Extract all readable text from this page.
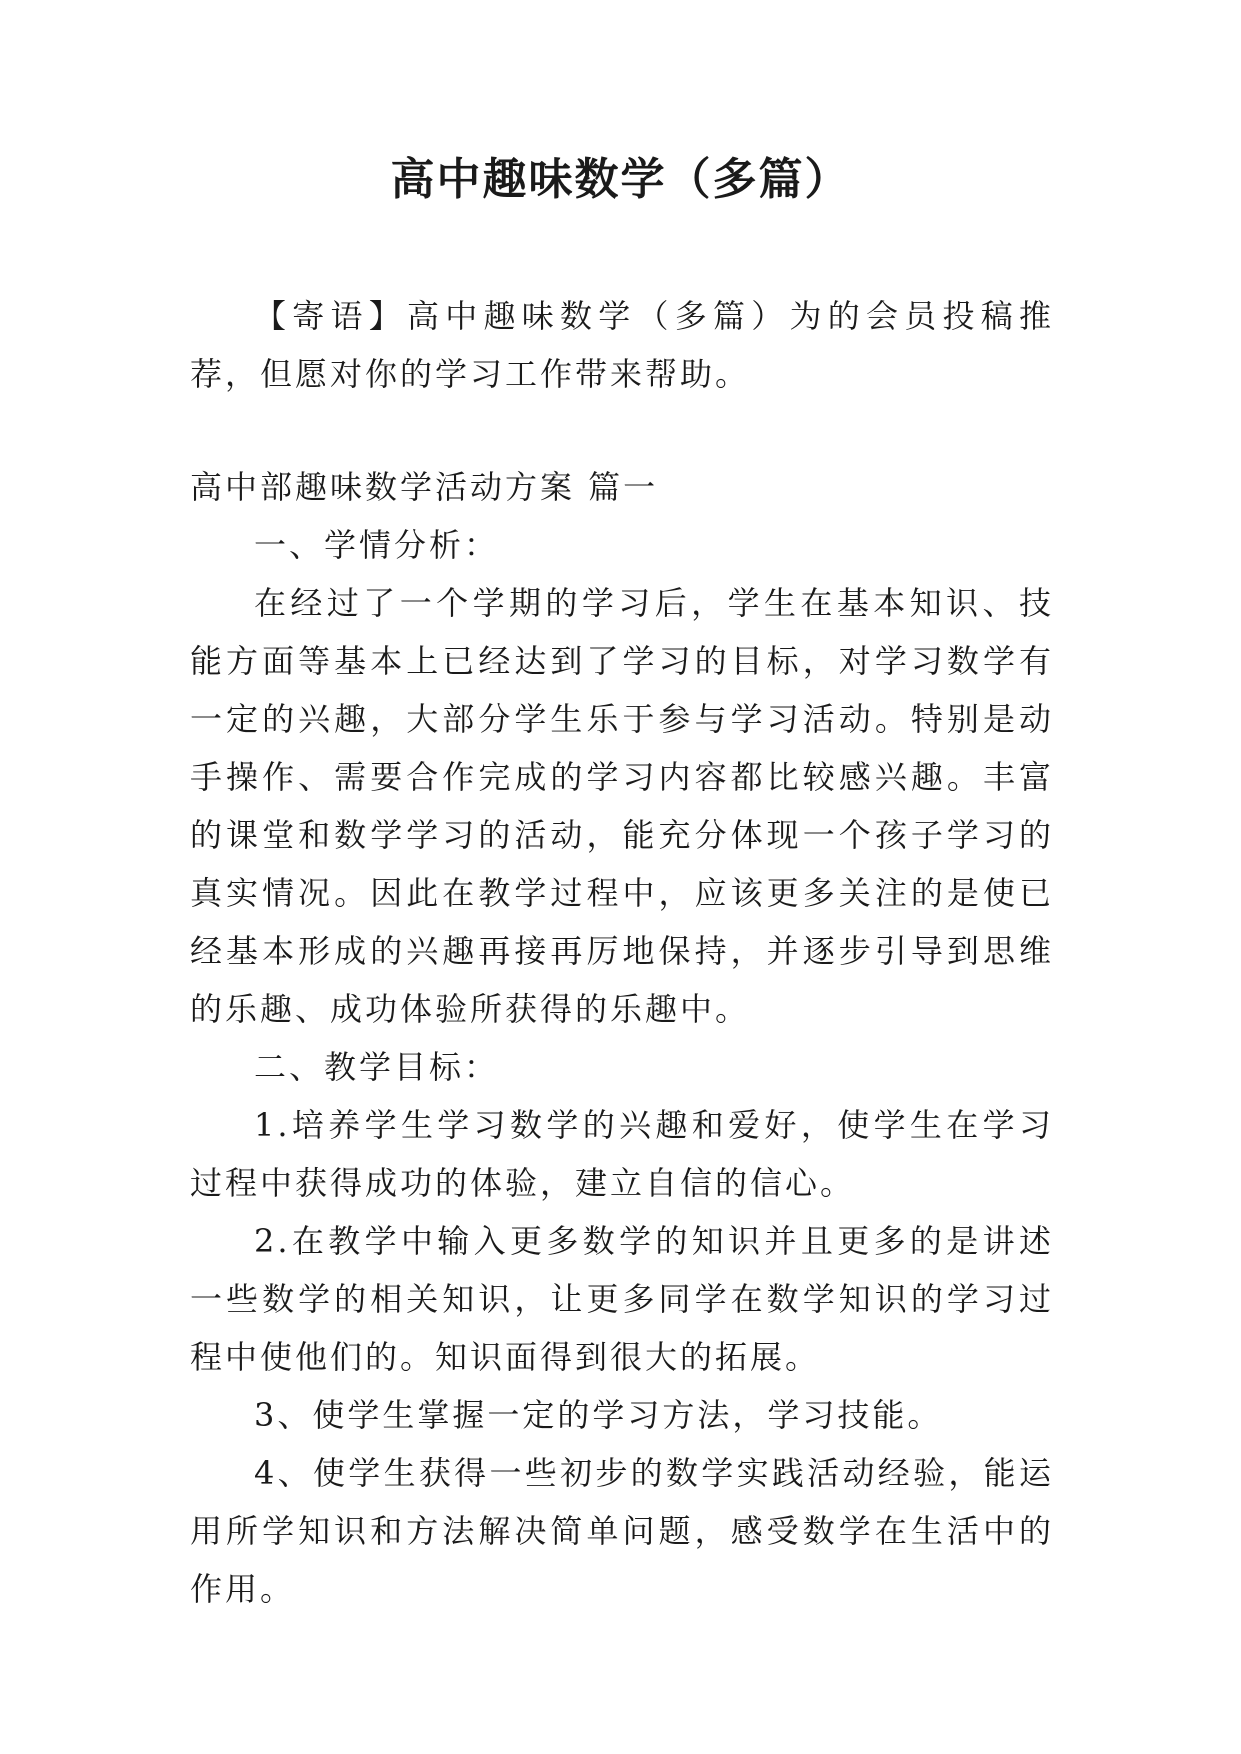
高中趣味数学（多篇）

【寄语】高中趣味数学（多篇）为的会员投稿推荐，但愿对你的学习工作带来帮助。

高中部趣味数学活动方案 篇一

一、学情分析：

在经过了一个学期的学习后，学生在基本知识、技能方面等基本上已经达到了学习的目标，对学习数学有一定的兴趣，大部分学生乐于参与学习活动。特别是动手操作、需要合作完成的学习内容都比较感兴趣。丰富的课堂和数学学习的活动，能充分体现一个孩子学习的真实情况。因此在教学过程中，应该更多关注的是使已经基本形成的兴趣再接再厉地保持，并逐步引导到思维的乐趣、成功体验所获得的乐趣中。

二、教学目标：

1.培养学生学习数学的兴趣和爱好，使学生在学习过程中获得成功的体验，建立自信的信心。

2.在教学中输入更多数学的知识并且更多的是讲述一些数学的相关知识，让更多同学在数学知识的学习过程中使他们的。知识面得到很大的拓展。

3、使学生掌握一定的学习方法，学习技能。

4、使学生获得一些初步的数学实践活动经验，能运用所学知识和方法解决简单问题，感受数学在生活中的作用。
